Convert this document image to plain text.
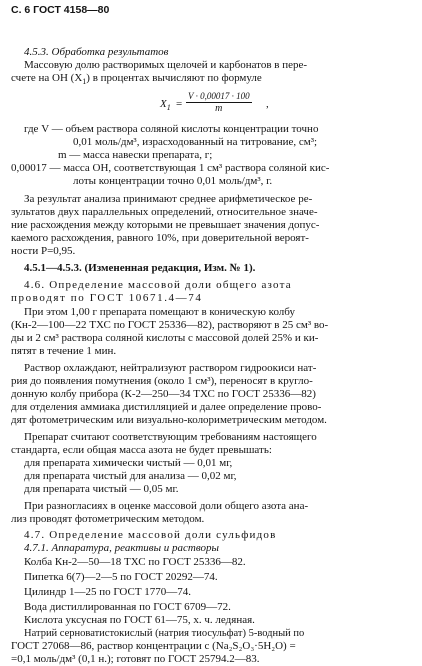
С. 6 ГОСТ 4158—80
4.5.3. Обработка результатов
Массовую долю растворимых щелочей и карбонатов в пере-
счете на ОН $(X_1)$ в процентах вычисляют по формуле
$X_1 = \frac{V \cdot 0,00017 \cdot 100}{m}$ ,
где V — объем раствора соляной кислоты концентрации точно
0,01 моль/дм³, израсходованный на титрование, см³;
m — масса навески препарата, г;
0,00017 — масса ОН, соответствующая 1 см³ раствора соляной кис-
лоты концентрации точно 0,01 моль/дм³, г.
За результат анализа принимают среднее арифметическое ре-
зультатов двух параллельных определений, относительное значе-
ние расхождения между которыми не превышает значения допус-
каемого расхождения, равного 10%, при доверительной вероят-
ности P=0,95.
4.5.1—4.5.3. (Измененная редакция, Изм. № 1).
4.6. Определение массовой доли общего азота
проводят по ГОСТ 10671.4—74
При этом 1,00 г препарата помещают в коническую колбу
(Кн-2—100—22 ТХС по ГОСТ 25336—82), растворяют в 25 см³ во-
ды и 2 см³ раствора соляной кислоты с массовой долей 25% и ки-
пятят в течение 1 мин.
Раствор охлаждают, нейтрализуют раствором гидроокиси нат-
рия до появления помутнения (около 1 см³), переносят в круглo-
донную колбу прибора (К-2—250—34 ТХС по ГОСТ 25336—82)
для отделения аммиака дистилляцией и далее определение прово-
дят фотометрическим или визуально-колориметрическим методом.
Препарат считают соответствующим требованиям настоящего
стандарта, если общая масса азота не будет превышать:
для препарата химически чистый — 0,01 мг,
для препарата чистый для анализа — 0,02 мг,
для препарата чистый — 0,05 мг.
При разногласиях в оценке массовой доли общего азота ана-
лиз проводят фотометрическим методом.
4.7. Определение массовой доли сульфидов
4.7.1. Аппаратура, реактивы и растворы
Колба Кн-2—50—18 ТХС по ГОСТ 25336—82.
Пипетка 6(7)—2—5 по ГОСТ 20292—74.
Цилиндр 1—25 по ГОСТ 1770—74.
Вода дистиллированная по ГОСТ 6709—72.
Кислота уксусная по ГОСТ 61—75, х. ч. ледяная.
Натрий серноватистокислый (натрия тиосульфат) 5-водный по
ГОСТ 27068—86, раствор концентрации с (Na₂S₂O₃·5H₂O) =
=0,1 моль/дм³ (0,1 н.); готовят по ГОСТ 25794.2—83.
